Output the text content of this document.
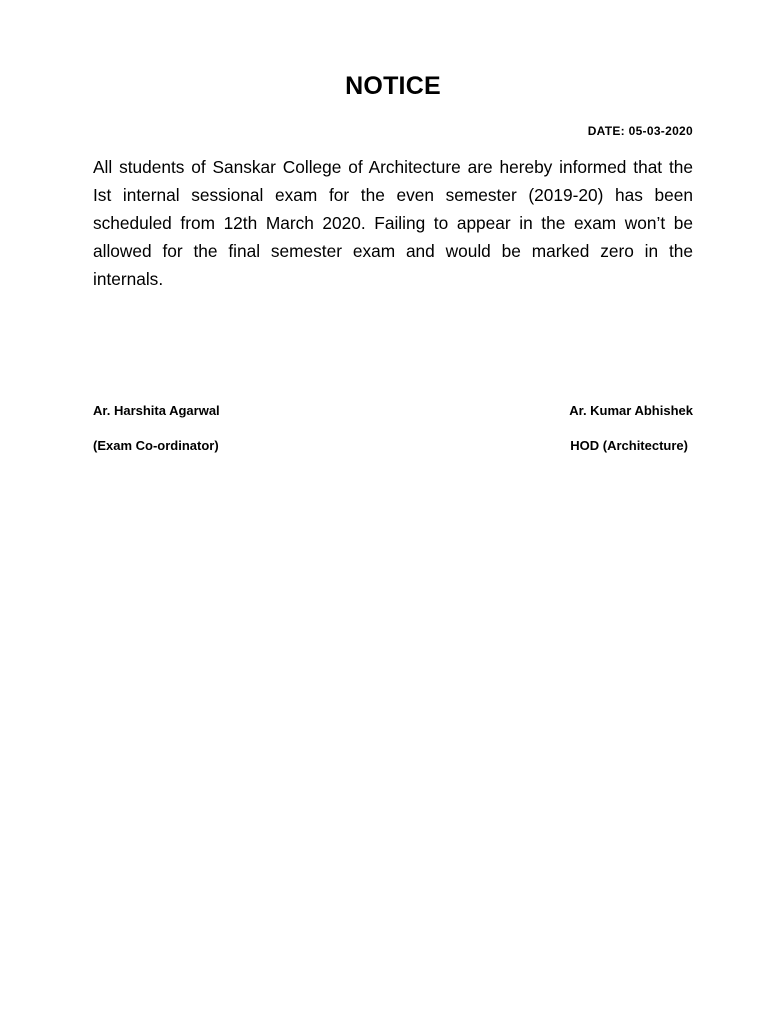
NOTICE
DATE: 05-03-2020
All students of Sanskar College of Architecture are hereby informed that the Ist internal sessional exam for the even semester (2019-20) has been scheduled from 12th March 2020. Failing to appear in the exam won’t be allowed for the final semester exam and would be marked zero in the internals.
Ar. Harshita Agarwal
(Exam Co-ordinator)
Ar. Kumar Abhishek
HOD (Architecture)
